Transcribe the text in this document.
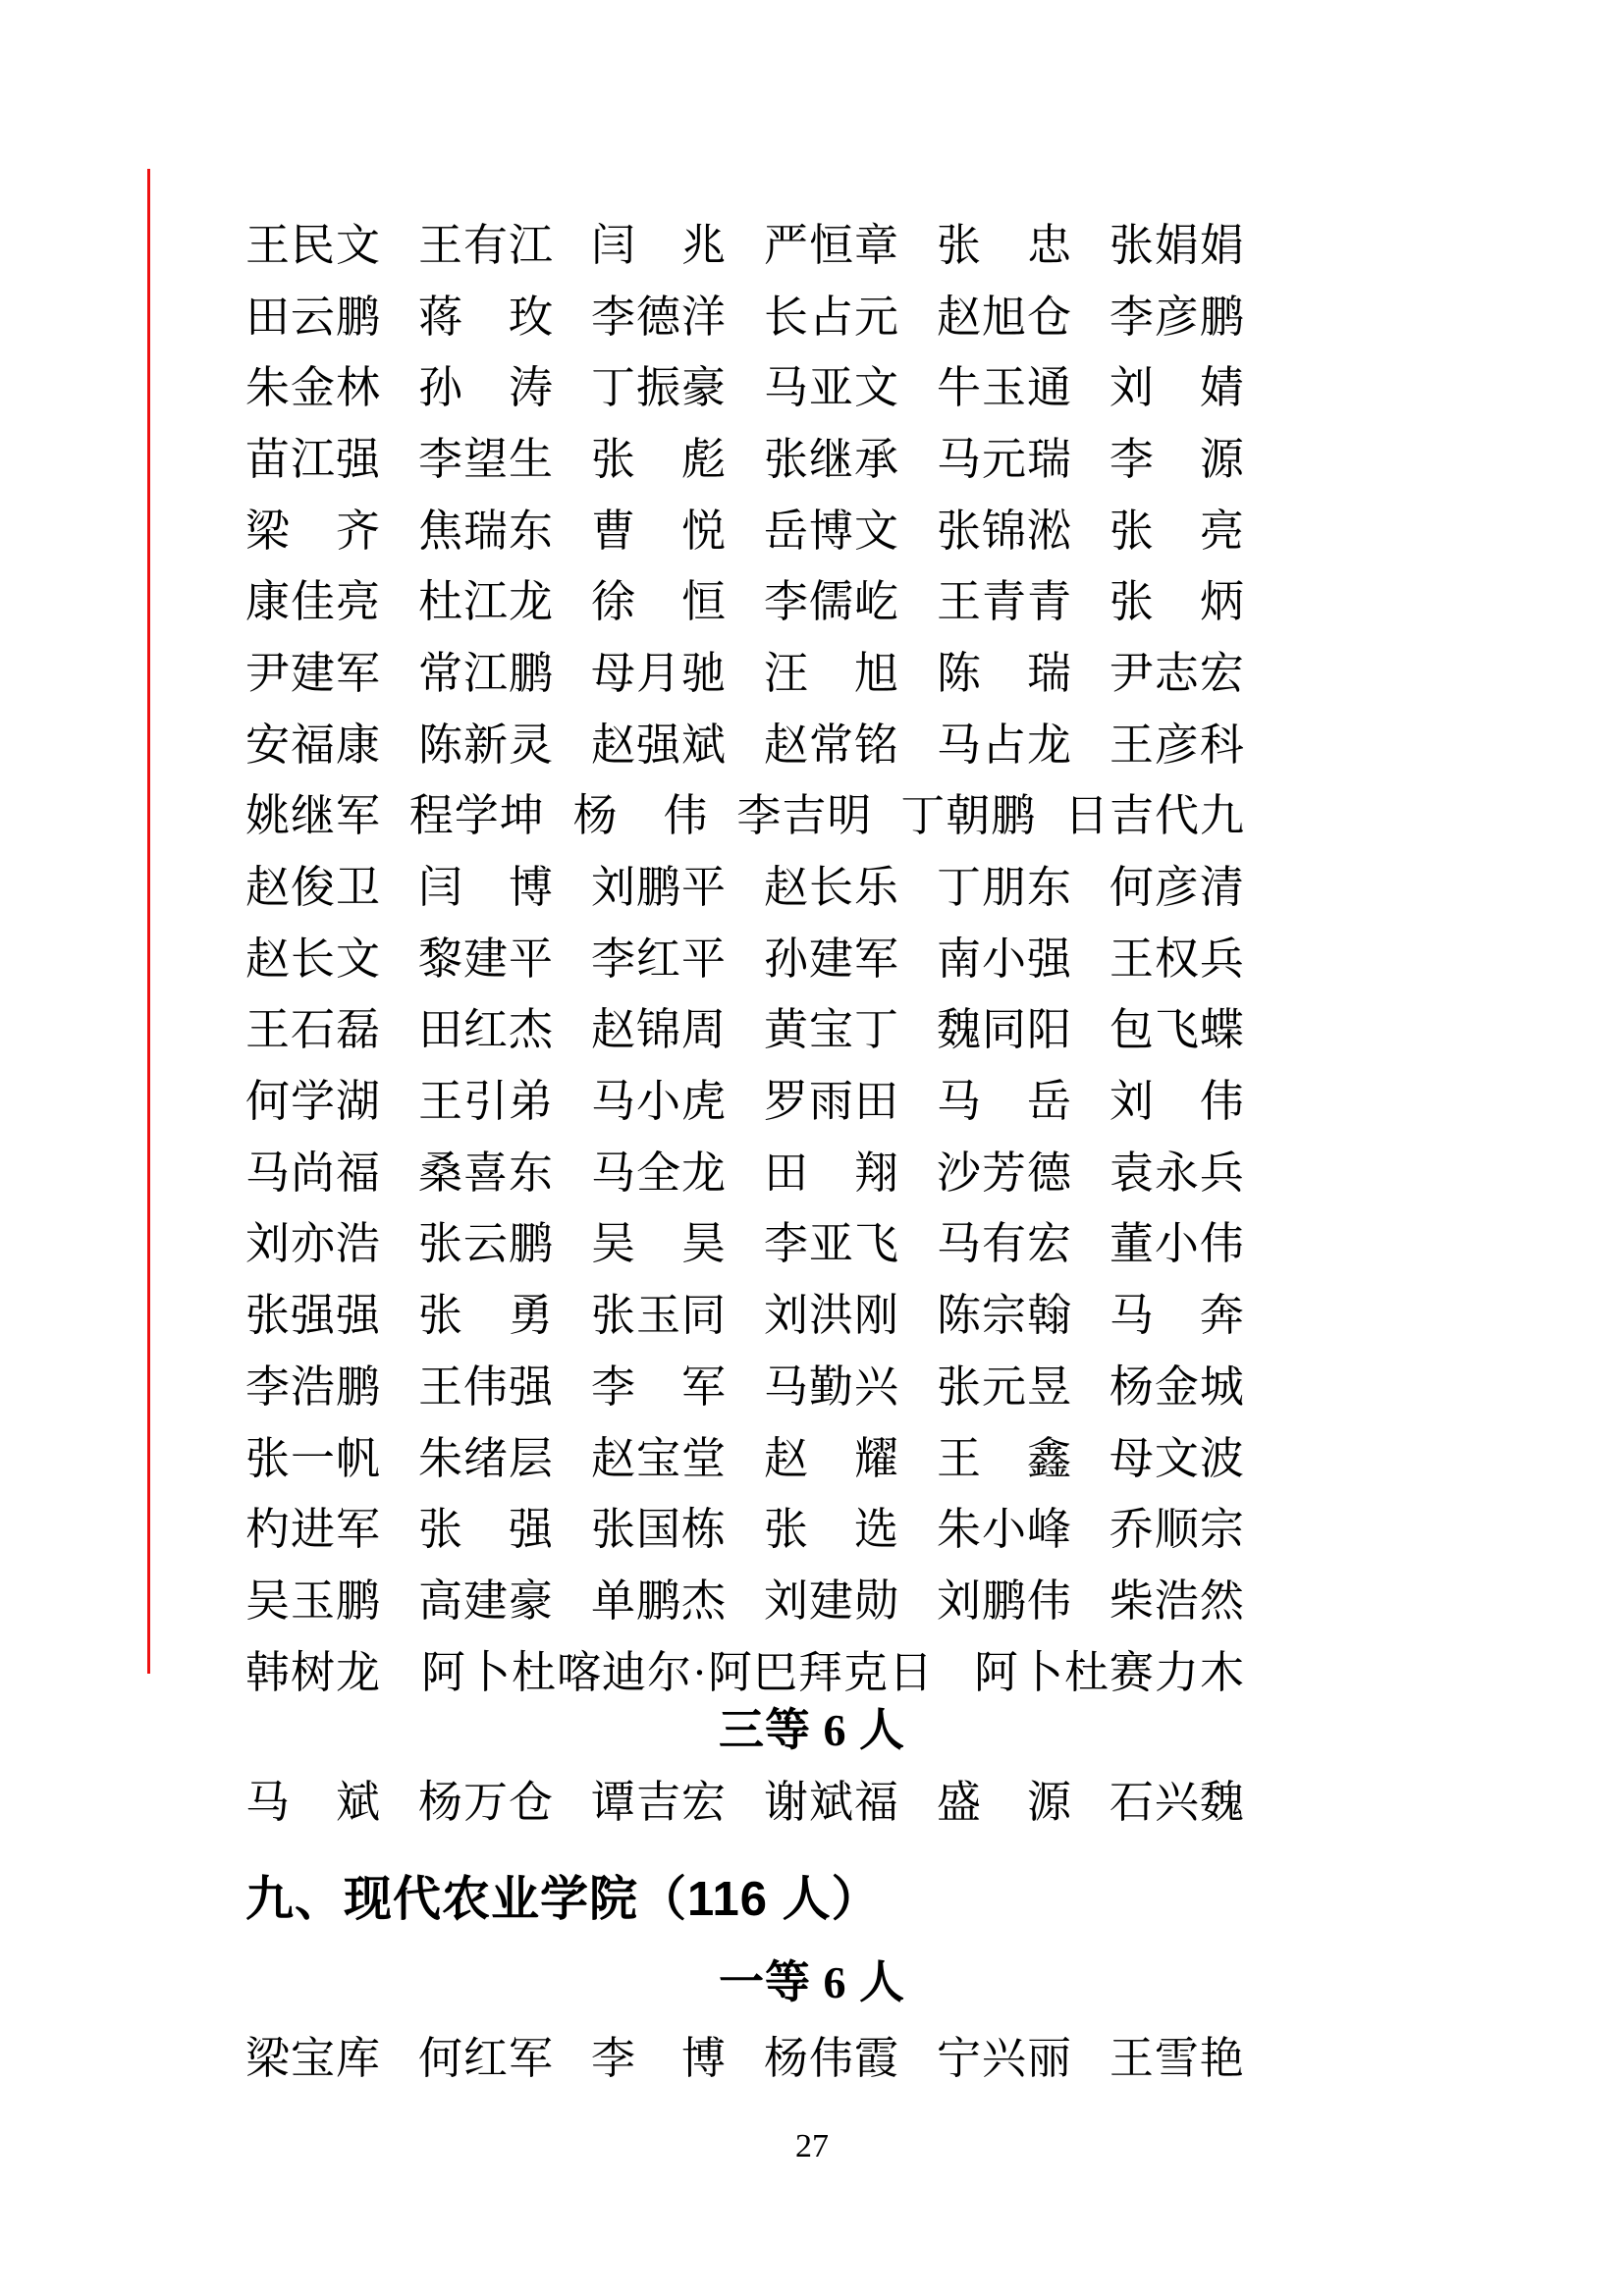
王民文 王有江 闫　兆 严恒章 张　忠 张娟娟
田云鹏 蒋　玫 李德洋 长占元 赵旭仓 李彦鹏
朱金林 孙　涛 丁振豪 马亚文 牛玉通 刘　婧
苗江强 李望生 张　彪 张继承 马元瑞 李　源
梁　齐 焦瑞东 曹　悦 岳博文 张锦淞 张　亮
康佳亮 杜江龙 徐　恒 李儒屹 王青青 张　炳
尹建军 常江鹏 母月驰 汪　旭 陈　瑞 尹志宏
安福康 陈新灵 赵强斌 赵常铭 马占龙 王彦科
姚继军 程学坤 杨　伟 李吉明 丁朝鹏 日吉代九
赵俊卫 闫　博 刘鹏平 赵长乐 丁朋东 何彦清
赵长文 黎建平 李红平 孙建军 南小强 王权兵
王石磊 田红杰 赵锦周 黄宝丁 魏同阳 包飞蝶
何学湖 王引弟 马小虎 罗雨田 马　岳 刘　伟
马尚福 桑喜东 马全龙 田　翔 沙芳德 袁永兵
刘亦浩 张云鹏 吴　昊 李亚飞 马有宏 董小伟
张强强 张　勇 张玉同 刘洪刚 陈宗翰 马　奔
李浩鹏 王伟强 李　军 马勤兴 张元昱 杨金城
张一帆 朱绪层 赵宝堂 赵　耀 王　鑫 母文波
杓进军 张　强 张国栋 张　选 朱小峰 乔顺宗
吴玉鹏 高建豪 单鹏杰 刘建勋 刘鹏伟 柴浩然
韩树龙 阿卜杜喀迪尔·阿巴拜克日 阿卜杜赛力木
三等 6 人
马　斌 杨万仓 谭吉宏 谢斌福 盛　源 石兴魏
九、现代农业学院（116 人）
一等 6 人
梁宝库 何红军 李　博 杨伟霞 宁兴丽 王雪艳
27
